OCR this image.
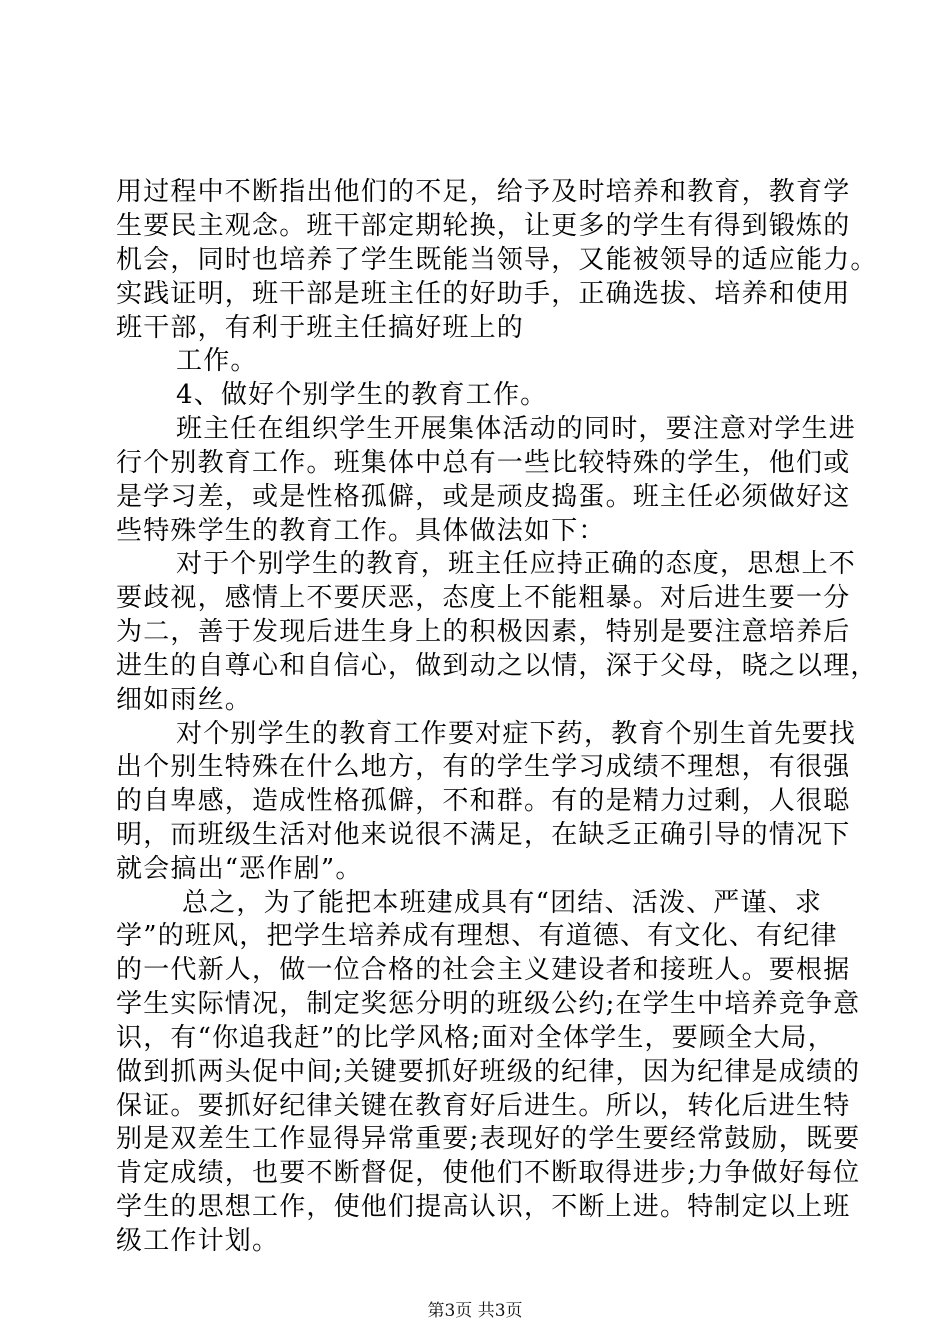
用过程中不断指出他们的不足，给予及时培养和教育，教育学
生要民主观念。班干部定期轮换，让更多的学生有得到锻炼的
机会，同时也培养了学生既能当领导，又能被领导的适应能力。
实践证明，班干部是班主任的好助手，正确选拔、培养和使用
班干部，有利于班主任搞好班上的
工作。
4、做好个别学生的教育工作。
班主任在组织学生开展集体活动的同时，要注意对学生进
行个别教育工作。班集体中总有一些比较特殊的学生，他们或
是学习差，或是性格孤僻，或是顽皮捣蛋。班主任必须做好这
些特殊学生的教育工作。具体做法如下：
对于个别学生的教育，班主任应持正确的态度，思想上不
要歧视，感情上不要厌恶，态度上不能粗暴。对后进生要一分
为二，善于发现后进生身上的积极因素，特别是要注意培养后
进生的自尊心和自信心，做到动之以情，深于父母，晓之以理，
细如雨丝。
对个别学生的教育工作要对症下药，教育个别生首先要找
出个别生特殊在什么地方，有的学生学习成绩不理想，有很强
的自卑感，造成性格孤僻，不和群。有的是精力过剩，人很聪
明，而班级生活对他来说很不满足，在缺乏正确引导的情况下
就会搞出“恶作剧”。
总之，为了能把本班建成具有“团结、活泼、严谨、求
学”的班风，把学生培养成有理想、有道德、有文化、有纪律
的一代新人，做一位合格的社会主义建设者和接班人。要根据
学生实际情况，制定奖惩分明的班级公约;在学生中培养竞争意
识，有“你追我赶”的比学风格;面对全体学生，要顾全大局，
做到抓两头促中间;关键要抓好班级的纪律，因为纪律是成绩的
保证。要抓好纪律关键在教育好后进生。所以，转化后进生特
别是双差生工作显得异常重要;表现好的学生要经常鼓励，既要
肯定成绩，也要不断督促，使他们不断取得进步;力争做好每位
学生的思想工作，使他们提高认识，不断上进。特制定以上班
级工作计划。
第3页 共3页
